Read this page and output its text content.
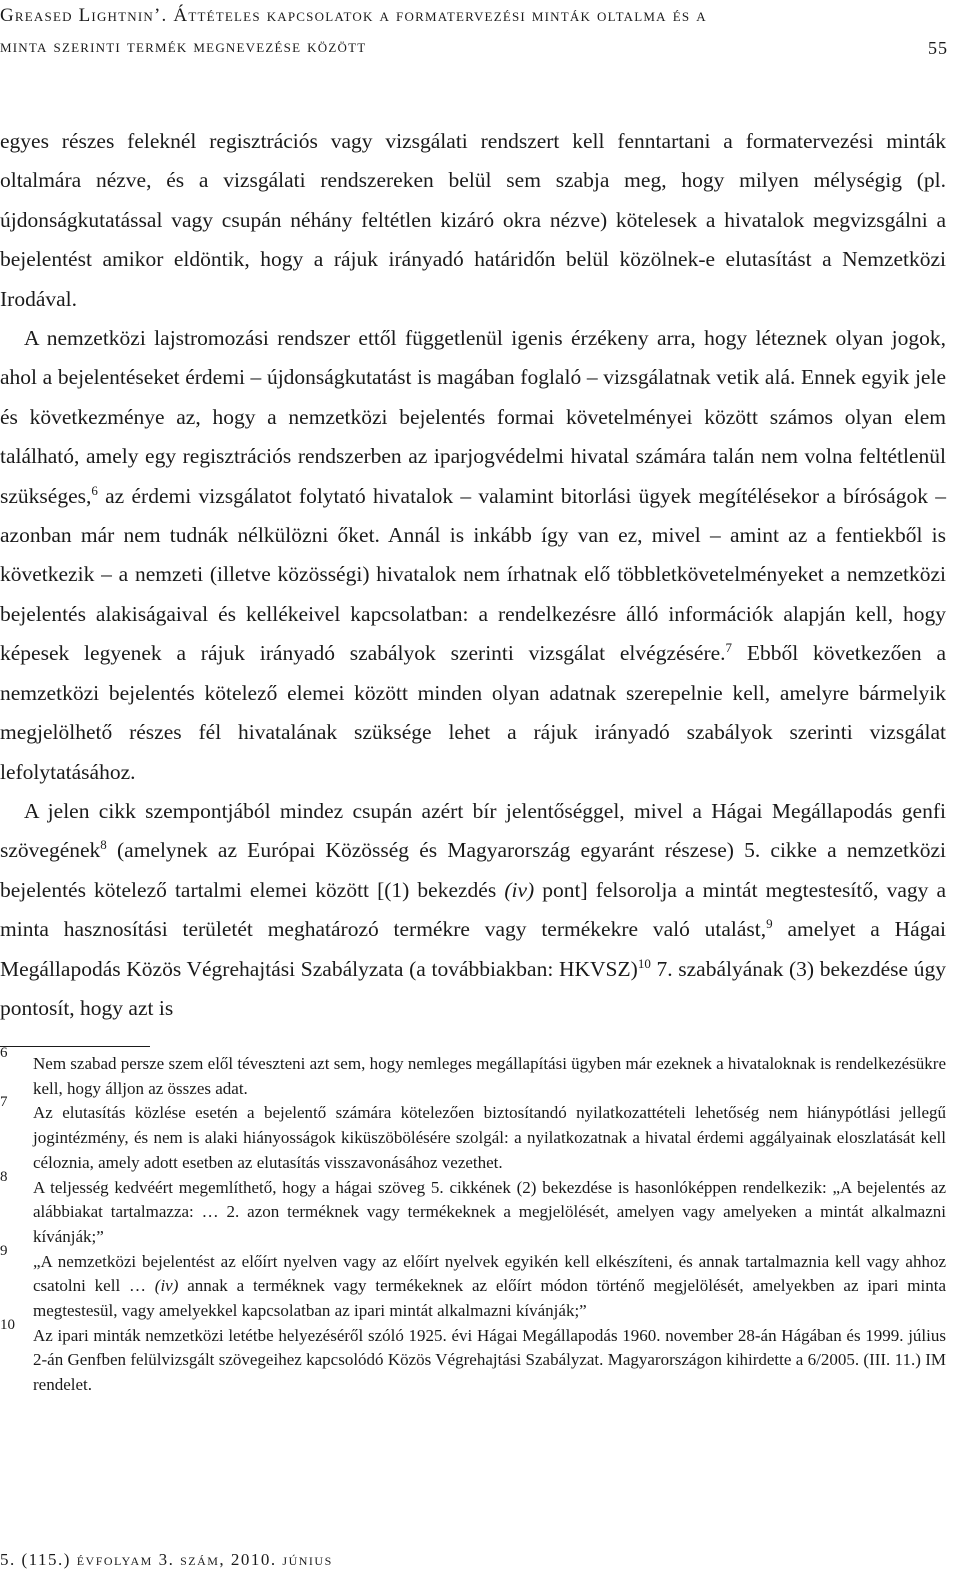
Greased Lightnin’. Áttételes kapcsolatok a formatervezési minták oltalma és a

minta szerinti termék megnevezése között	55

egyes részes feleknél regisztrációs vagy vizsgálati rendszert kell fenntartani a formatervezési minták oltalmára nézve, és a vizsgálati rendszereken belül sem szabja meg, hogy milyen mélységig (pl. újdonságkutatással vagy csupán néhány feltétlen kizáró okra nézve) kötelesek a hivatalok megvizsgálni a bejelentést amikor eldöntik, hogy a rájuk irányadó határidőn belül közölnek-e elutasítást a Nemzetközi Irodával.

A nemzetközi lajstromozási rendszer ettől függetlenül igenis érzékeny arra, hogy léteznek olyan jogok, ahol a bejelentéseket érdemi – újdonságkutatást is magában foglaló – vizsgálatnak vetik alá. Ennek egyik jele és következménye az, hogy a nemzetközi bejelentés formai követelményei között számos olyan elem található, amely egy regisztrációs rendszerben az iparjogvédelmi hivatal számára talán nem volna feltétlenül szükséges,$^6$ az érdemi vizsgálatot folytató hivatalok – valamint bitorlási ügyek megítélésekor a bíróságok – azonban már nem tudnák nélkülözni őket. Annál is inkább így van ez, mivel – amint az a fentiekből is következik – a nemzeti (illetve közösségi) hivatalok nem írhatnak elő többletkövetelményeket a nemzetközi bejelentés alakiságaival és kellékeivel kapcsolatban: a rendelkezésre álló információk alapján kell, hogy képesek legyenek a rájuk irányadó szabályok szerinti vizsgálat elvégzésére.$^7$ Ebből következően a nemzetközi bejelentés kötelező elemei között minden olyan adatnak szerepelnie kell, amelyre bármelyik megjelölhető részes fél hivatalának szüksége lehet a rájuk irányadó szabályok szerinti vizsgálat lefolytatásához.

A jelen cikk szempontjából mindez csupán azért bír jelentőséggel, mivel a Hágai Megállapodás genfi szövegének$^8$ (amelynek az Európai Közösség és Magyarország egyaránt részese) 5. cikke a nemzetközi bejelentés kötelező tartalmi elemei között [(1) bekezdés (iv) pont] felsorolja a mintát megtestesítő, vagy a minta hasznosítási területét meghatározó termékre vagy termékekre való utalást,$^9$ amelyet a Hágai Megállapodás Közös Végrehajtási Szabályzata (a továbbiakban: HKVSZ)$^{10}$ 7. szabályának (3) bekezdése úgy pontosít, hogy azt is

6
Nem szabad persze szem elől téveszteni azt sem, hogy nemleges megállapítási ügyben már ezeknek a hivataloknak is rendelkezésükre kell, hogy álljon az összes adat.

7
Az elutasítás közlése esetén a bejelentő számára kötelezően biztosítandó nyilatkozattételi lehetőség nem hiánypótlási jellegű jogintézmény, és nem is alaki hiányosságok kiküszöbölésére szolgál: a nyilatkozatnak a hivatal érdemi aggályainak eloszlatását kell céloznia, amely adott esetben az elutasítás visszavonásához vezethet.

8
A teljesség kedvéért megemlíthető, hogy a hágai szöveg 5. cikkének (2) bekezdése is hasonlóképpen rendelkezik: „A bejelentés az alábbiakat tartalmazza: … 2. azon terméknek vagy termékeknek a megjelölését, amelyen vagy amelyeken a mintát alkalmazni kívánják;”

9
„A nemzetközi bejelentést az előírt nyelven vagy az előírt nyelvek egyikén kell elkészíteni, és annak tartalmaznia kell vagy ahhoz csatolni kell … (iv) annak a terméknek vagy termékeknek az előírt módon történő megjelölését, amelyekben az ipari minta megtestesül, vagy amelyekkel kapcsolatban az ipari mintát alkalmazni kívánják;”

10
Az ipari minták nemzetközi letétbe helyezéséről szóló 1925. évi Hágai Megállapodás 1960. november 28-án Hágában és 1999. július 2-án Genfben felülvizsgált szövegeihez kapcsolódó Közös Végrehajtási Szabályzat. Magyarországon kihirdette a 6/2005. (III. 11.) IM rendelet.

5. (115.) évfolyam 3. szám, 2010. június
